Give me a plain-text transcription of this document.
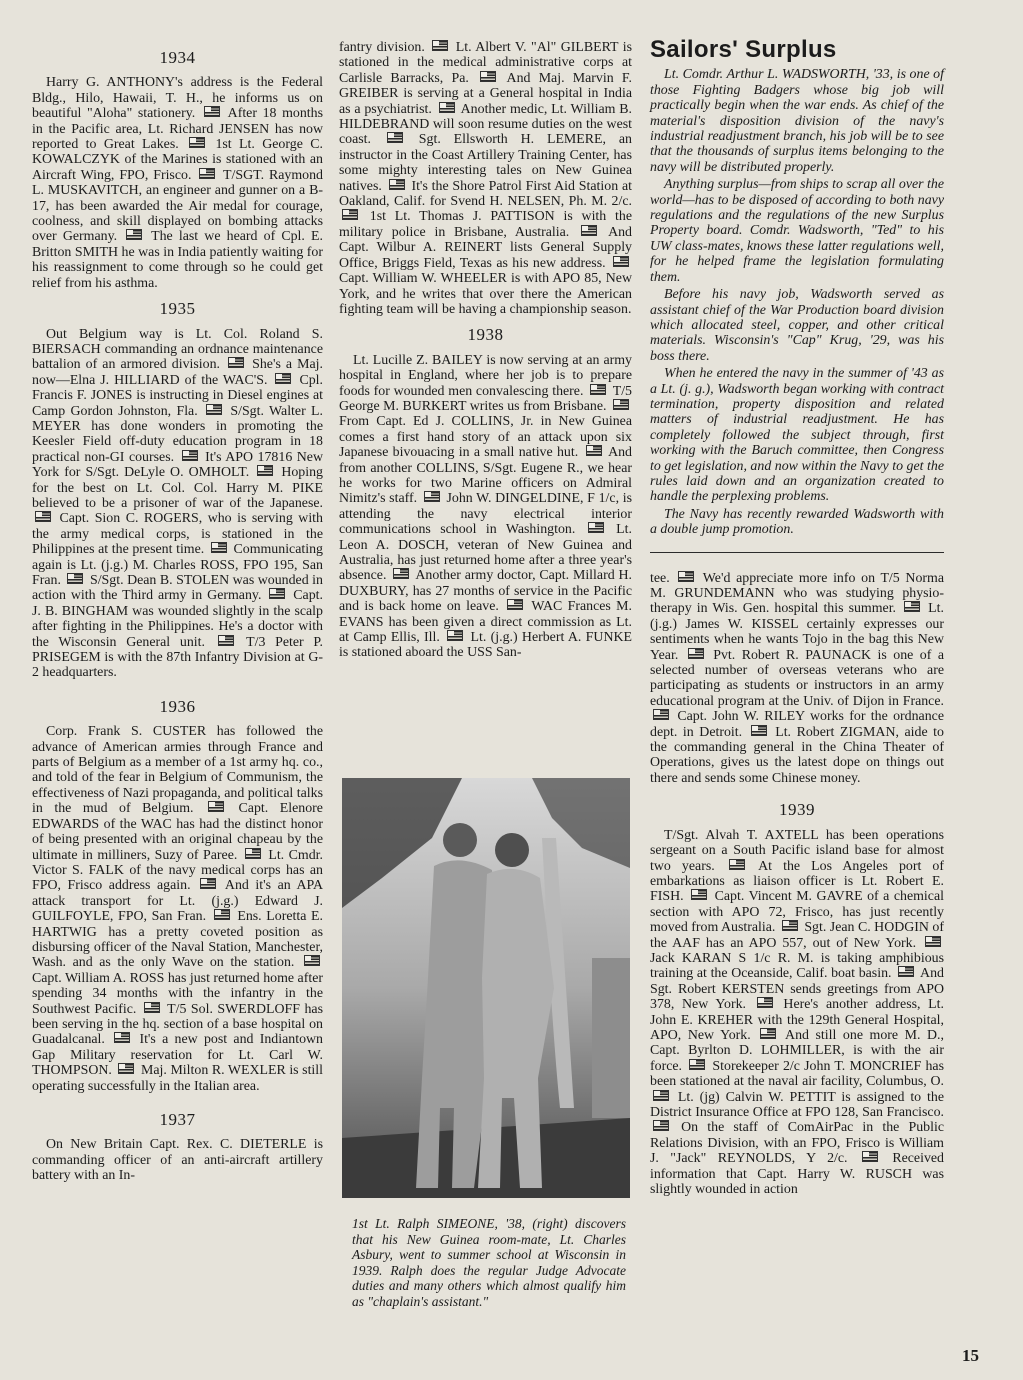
1934

Harry G. ANTHONY's address is the Federal Bldg., Hilo, Hawaii, T. H., he informs us on beautiful "Aloha" stationery.  After 18 months in the Pacific area, Lt. Richard JENSEN has now reported to Great Lakes.  1st Lt. George C. KOWALCZYK of the Marines is stationed with an Aircraft Wing, FPO, Frisco.  T/SGT. Raymond L. MUSKAVITCH, an engineer and gunner on a B-17, has been awarded the Air medal for courage, coolness, and skill displayed on bombing attacks over Germany.  The last we heard of Cpl. E. Britton SMITH he was in India patiently waiting for his reassignment to come through so he could get relief from his asthma.

1935

Out Belgium way is Lt. Col. Roland S. BIERSACH commanding an ordnance maintenance battalion of an armored division.  She's a Maj. now—Elna J. HILLIARD of the WAC'S.  Cpl. Francis F. JONES is instructing in Diesel engines at Camp Gordon Johnston, Fla.  S/Sgt. Walter L. MEYER has done wonders in promoting the Keesler Field off-duty education program in 18 practical non-GI courses.  It's APO 17816 New York for S/Sgt. DeLyle O. OMHOLT.  Hoping for the best on Lt. Col. Col. Harry M. PIKE believed to be a prisoner of war of the Japanese.  Capt. Sion C. ROGERS, who is serving with the army medical corps, is stationed in the Philippines at the present time.  Communicating again is Lt. (j.g.) M. Charles ROSS, FPO 195, San Fran.  S/Sgt. Dean B. STOLEN was wounded in action with the Third army in Germany.  Capt. J. B. BINGHAM was wounded slightly in the scalp after fighting in the Philippines. He's a doctor with the Wisconsin General unit.  T/3 Peter P. PRISEGEM is with the 87th Infantry Division at G-2 headquarters.

1936

Corp. Frank S. CUSTER has followed the advance of American armies through France and parts of Belgium as a member of a 1st army hq. co., and told of the fear in Belgium of Communism, the effectiveness of Nazi propaganda, and political talks in the mud of Belgium.  Capt. Elenore EDWARDS of the WAC has had the distinct honor of being presented with an original chapeau by the ultimate in milliners, Suzy of Paree.  Lt. Cmdr. Victor S. FALK of the navy medical corps has an FPO, Frisco address again.  And it's an APA attack transport for Lt. (j.g.) Edward J. GUILFOYLE, FPO, San Fran.  Ens. Loretta E. HARTWIG has a pretty coveted position as disbursing officer of the Naval Station, Manchester, Wash. and as the only Wave on the station.  Capt. William A. ROSS has just returned home after spending 34 months with the infantry in the Southwest Pacific.  T/5 Sol. SWERDLOFF has been serving in the hq. section of a base hospital on Guadalcanal.  It's a new post and Indiantown Gap Military reservation for Lt. Carl W. THOMPSON.  Maj. Milton R. WEXLER is still operating successfully in the Italian area.

1937

On New Britain Capt. Rex. C. DIETERLE is commanding officer of an anti-aircraft artillery battery with an In-

fantry division.  Lt. Albert V. "Al" GILBERT is stationed in the medical administrative corps at Carlisle Barracks, Pa.  And Maj. Marvin F. GREIBER is serving at a General hospital in India as a psychiatrist.  Another medic, Lt. William B. HILDEBRAND will soon resume duties on the west coast.  Sgt. Ellsworth H. LEMERE, an instructor in the Coast Artillery Training Center, has some mighty interesting tales on New Guinea natives.  It's the Shore Patrol First Aid Station at Oakland, Calif. for Svend H. NELSEN, Ph. M. 2/c.  1st Lt. Thomas J. PATTISON is with the military police in Brisbane, Australia.  And Capt. Wilbur A. REINERT lists General Supply Office, Briggs Field, Texas as his new address.  Capt. William W. WHEELER is with APO 85, New York, and he writes that over there the American fighting team will be having a championship season.

1938

Lt. Lucille Z. BAILEY is now serving at an army hospital in England, where her job is to prepare foods for wounded men convalescing there.  T/5 George M. BURKERT writes us from Brisbane.  From Capt. Ed J. COLLINS, Jr. in New Guinea comes a first hand story of an attack upon six Japanese bivouacing in a small native hut.  And from another COLLINS, S/Sgt. Eugene R., we hear he works for two Marine officers on Admiral Nimitz's staff.  John W. DINGELDINE, F 1/c, is attending the navy electrical interior communications school in Washington.  Lt. Leon A. DOSCH, veteran of New Guinea and Australia, has just returned home after a three year's absence.  Another army doctor, Capt. Millard H. DUXBURY, has 27 months of service in the Pacific and is back home on leave.  WAC Frances M. EVANS has been given a direct commission as Lt. at Camp Ellis, Ill.  Lt. (j.g.) Herbert A. FUNKE is stationed aboard the USS San-

1st Lt. Ralph SIMEONE, '38, (right) discovers that his New Guinea room-mate, Lt. Charles Asbury, went to summer school at Wisconsin in 1939. Ralph does the regular Judge Advocate duties and many others which almost qualify him as "chaplain's assistant."
Sailors' Surplus

Lt. Comdr. Arthur L. WADSWORTH, '33, is one of those Fighting Badgers whose big job will practically begin when the war ends. As chief of the material's disposition division of the navy's industrial readjustment branch, his job will be to see that the thousands of surplus items belonging to the navy will be distributed properly.

Anything surplus—from ships to scrap all over the world—has to be disposed of according to both navy regulations and the regulations of the new Surplus Property board. Comdr. Wadsworth, "Ted" to his UW class-mates, knows these latter regulations well, for he helped frame the legislation formulating them.

Before his navy job, Wadsworth served as assistant chief of the War Production board division which allocated steel, copper, and other critical materials. Wisconsin's "Cap" Krug, '29, was his boss there.

When he entered the navy in the summer of '43 as a Lt. (j. g.), Wadsworth began working with contract termination, property disposition and related matters of industrial readjustment. He has completely followed the subject through, first working with the Baruch committee, then Congress to get legislation, and now within the Navy to get the rules laid down and an organization created to handle the perplexing problems.

The Navy has recently rewarded Wadsworth with a double jump promotion.

tee.  We'd appreciate more info on T/5 Norma M. GRUNDEMANN who was studying physio-therapy in Wis. Gen. hospital this summer.  Lt. (j.g.) James W. KISSEL certainly expresses our sentiments when he wants Tojo in the bag this New Year.  Pvt. Robert R. PAUNACK is one of a selected number of overseas veterans who are participating as students or instructors in an army educational program at the Univ. of Dijon in France.  Capt. John W. RILEY works for the ordnance dept. in Detroit.  Lt. Robert ZIGMAN, aide to the commanding general in the China Theater of Operations, gives us the latest dope on things out there and sends some Chinese money.

1939

T/Sgt. Alvah T. AXTELL has been operations sergeant on a South Pacific island base for almost two years.  At the Los Angeles port of embarkations as liaison officer is Lt. Robert E. FISH.  Capt. Vincent M. GAVRE of a chemical section with APO 72, Frisco, has just recently moved from Australia.  Sgt. Jean C. HODGIN of the AAF has an APO 557, out of New York.  Jack KARAN S 1/c R. M. is taking amphibious training at the Oceanside, Calif. boat basin.  And Sgt. Robert KERSTEN sends greetings from APO 378, New York.  Here's another address, Lt. John E. KREHER with the 129th General Hospital, APO, New York.  And still one more M. D., Capt. Byrlton D. LOHMILLER, is with the air force.  Storekeeper 2/c John T. MONCRIEF has been stationed at the naval air facility, Columbus, O.  Lt. (jg) Calvin W. PETTIT is assigned to the District Insurance Office at FPO 128, San Francisco.  On the staff of ComAirPac in the Public Relations Division, with an FPO, Frisco is William J. "Jack" REYNOLDS, Y 2/c.  Received information that Capt. Harry W. RUSCH was slightly wounded in action

15
